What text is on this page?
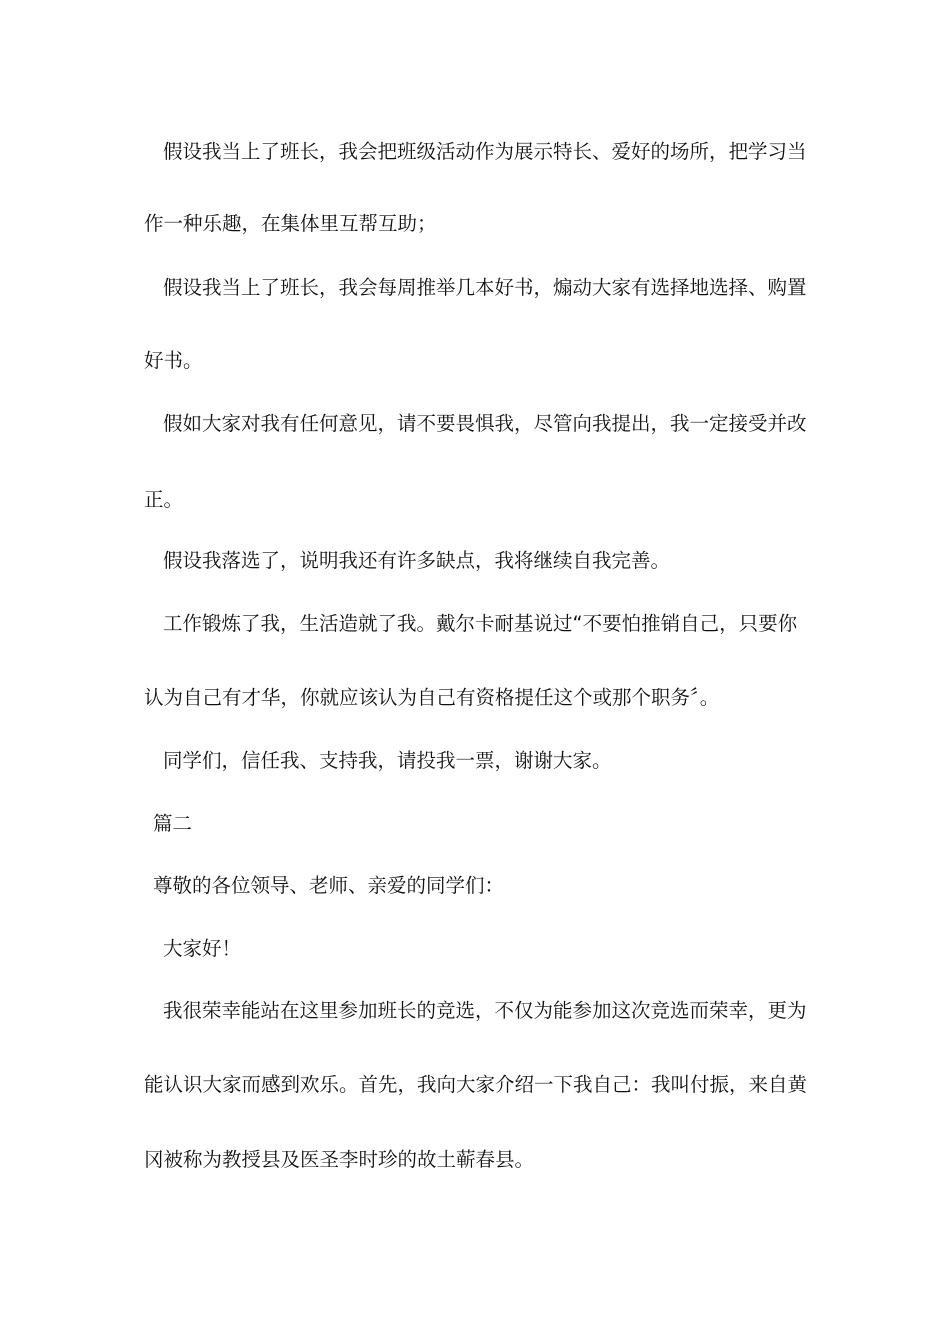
假设我当上了班长，我会把班级活动作为展示特长、爱好的场所，把学习当
作一种乐趣，在集体里互帮互助；
假设我当上了班长，我会每周推举几本好书，煽动大家有选择地选择、购置
好书。
假如大家对我有任何意见，请不要畏惧我，尽管向我提出，我一定接受并改
正。
假设我落选了，说明我还有许多缺点，我将继续自我完善。
工作锻炼了我，生活造就了我。戴尔卡耐基说过“不要怕推销自己，只要你
认为自己有才华，你就应该认为自己有资格提任这个或那个职务〞。
同学们，信任我、支持我，请投我一票，谢谢大家。
篇二
尊敬的各位领导、老师、亲爱的同学们：
大家好！
我很荣幸能站在这里参加班长的竞选，不仅为能参加这次竞选而荣幸，更为
能认识大家而感到欢乐。首先，我向大家介绍一下我自己：我叫付振，来自黄
冈被称为教授县及医圣李时珍的故土蕲春县。
